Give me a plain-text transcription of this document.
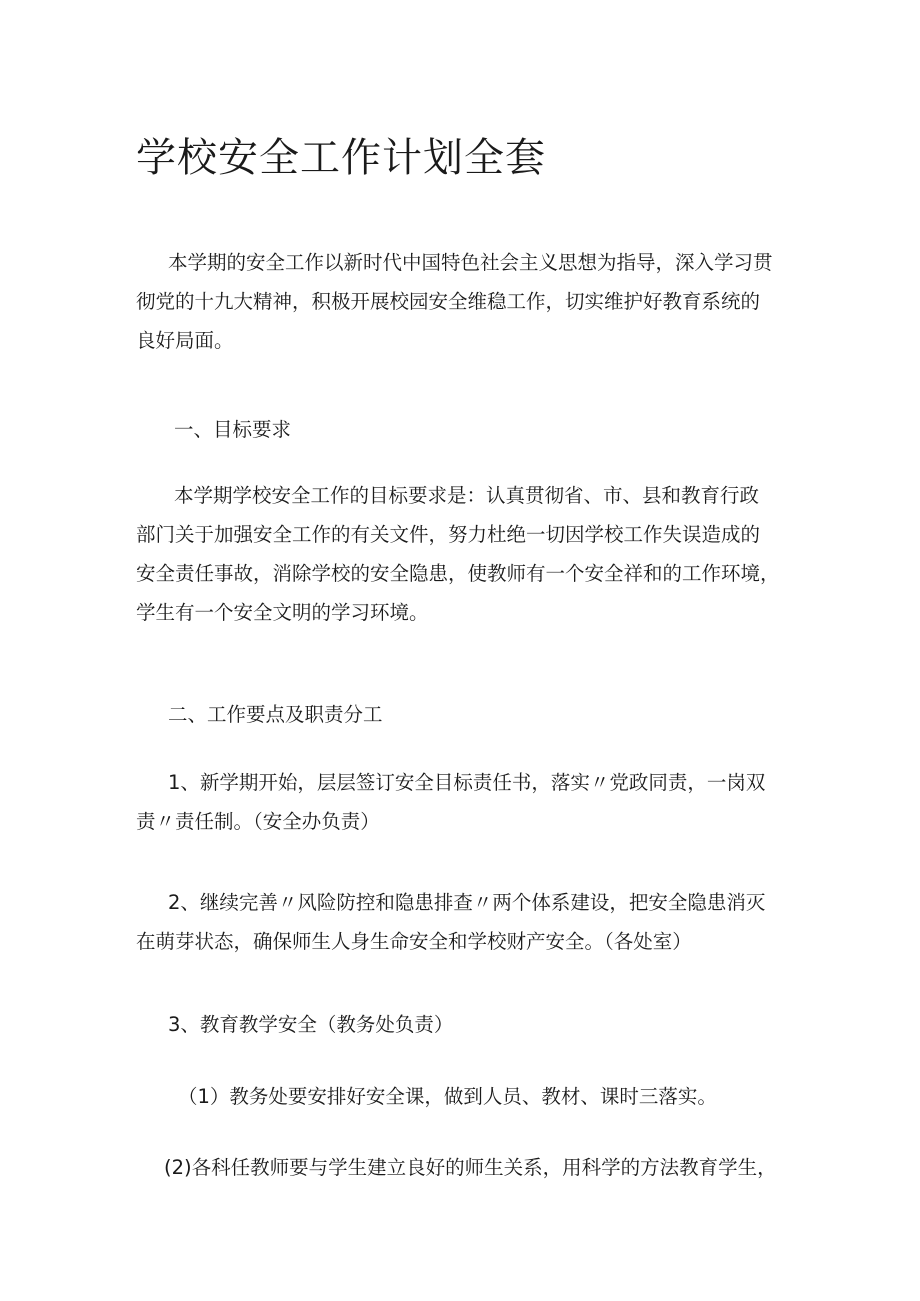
学校安全工作计划全套
本学期的安全工作以新时代中国特色社会主义思想为指导，深入学习贯
彻党的十九大精神，积极开展校园安全维稳工作，切实维护好教育系统的
良好局面。
一、目标要求
本学期学校安全工作的目标要求是：认真贯彻省、市、县和教育行政
部门关于加强安全工作的有关文件，努力杜绝一切因学校工作失误造成的
安全责任事故，消除学校的安全隐患，使教师有一个安全祥和的工作环境，
学生有一个安全文明的学习环境。
二、工作要点及职责分工
1、新学期开始，层层签订安全目标责任书，落实〃党政同责，一岗双
责〃责任制。（安全办负责）
2、继续完善〃风险防控和隐患排查〃两个体系建设，把安全隐患消灭
在萌芽状态，确保师生人身生命安全和学校财产安全。（各处室）
3、教育教学安全（教务处负责）
（1）教务处要安排好安全课，做到人员、教材、课时三落实。
(2)各科任教师要与学生建立良好的师生关系，用科学的方法教育学生，
